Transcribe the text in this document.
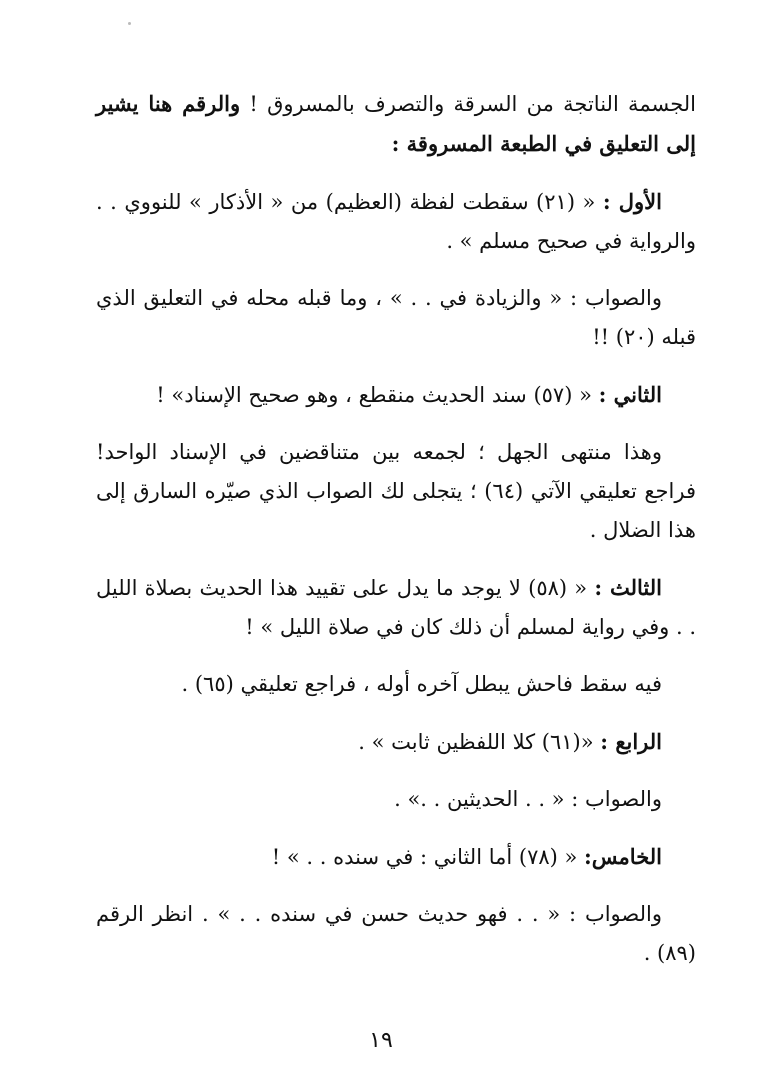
الجسمة الناتجة من السرقة والتصرف بالمسروق ! والرقم هنا يشير إلى التعليق في الطبعة المسروقة :

الأول : « (٢١) سقطت لفظة (العظيم) من « الأذكار » للنووي . . والرواية في صحيح مسلم » .

والصواب : « والزيادة في . . » ، وما قبله محله في التعليق الذي قبله (٢٠) !!

الثاني : « (٥٧) سند الحديث منقطع ، وهو صحيح الإسناد» !

وهذا منتهى الجهل ؛ لجمعه بين متناقضين في الإسناد الواحد! فراجع تعليقي الآتي (٦٤) ؛ يتجلى لك الصواب الذي صيّره السارق إلى هذا الضلال .

الثالث : « (٥٨) لا يوجد ما يدل على تقييد هذا الحديث بصلاة الليل . . وفي رواية لمسلم أن ذلك كان في صلاة الليل » !

فيه سقط فاحش يبطل آخره أوله ، فراجع تعليقي (٦٥) .

الرابع : «(٦١) كلا اللفظين ثابت » .

والصواب : « . . الحديثين . .» .

الخامس: « (٧٨) أما الثاني : في سنده . . » !

والصواب : « . . فهو حديث حسن في سنده . . » . انظر الرقم (٨٩) .

١٩
